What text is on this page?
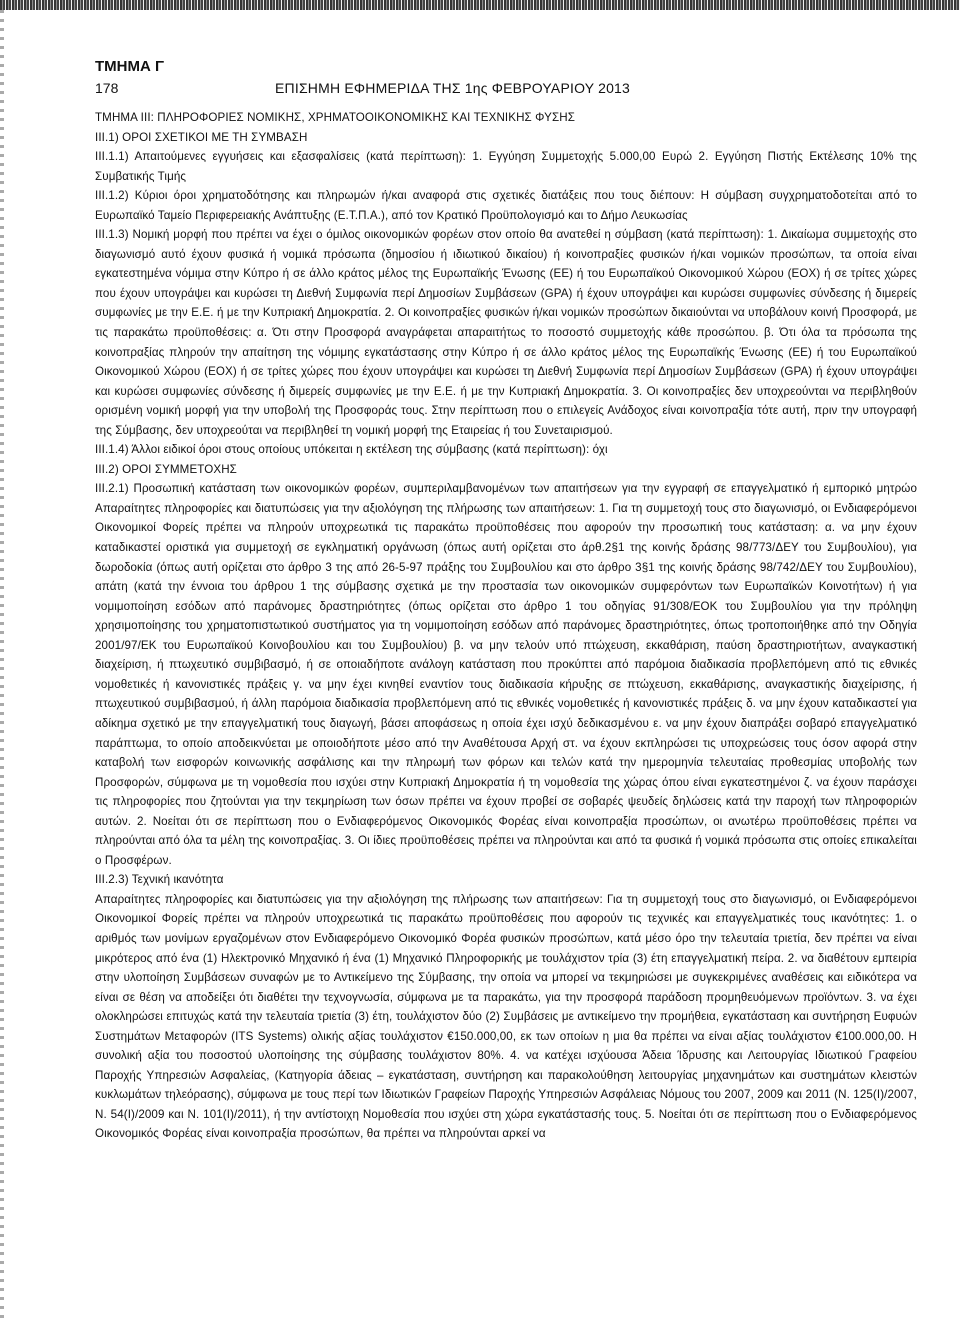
ΤΜΗΜΑ Γ
178	ΕΠΙΣΗΜΗ ΕΦΗΜΕΡΙΔΑ ΤΗΣ 1ης ΦΕΒΡΟΥΑΡΙΟΥ 2013

ΤΜΗΜΑ ΙΙΙ: ΠΛΗΡΟΦΟΡΙΕΣ ΝΟΜΙΚΗΣ, ΧΡΗΜΑΤΟΟΙΚΟΝΟΜΙΚΗΣ ΚΑΙ ΤΕΧΝΙΚΗΣ ΦΥΣΗΣ

ΙΙΙ.1) ΟΡΟΙ ΣΧΕΤΙΚΟΙ ΜΕ ΤΗ ΣΥΜΒΑΣΗ

ΙΙΙ.1.1) Απαιτούμενες εγγυήσεις και εξασφαλίσεις (κατά περίπτωση): 1. Εγγύηση Συμμετοχής 5.000,00 Ευρώ 2. Εγγύηση Πιστής Εκτέλεσης 10% της Συμβατικής Τιμής

ΙΙΙ.1.2) Κύριοι όροι χρηματοδότησης και πληρωμών ή/και αναφορά στις σχετικές διατάξεις που τους διέπουν: Η σύμβαση συγχρηματοδοτείται από το Ευρωπαϊκό Ταμείο Περιφερειακής Ανάπτυξης (Ε.Τ.Π.Α.), από τον Κρατικό Προϋπολογισμό και το Δήμο Λευκωσίας

ΙΙΙ.1.3) Νομική μορφή που πρέπει να έχει ο όμιλος οικονομικών φορέων στον οποίο θα ανατεθεί η σύμβαση (κατά περίπτωση): 1. Δικαίωμα συμμετοχής στο διαγωνισμό αυτό έχουν φυσικά ή νομικά πρόσωπα (δημοσίου ή ιδιωτικού δικαίου) ή κοινοπραξίες φυσικών ή/και νομικών προσώπων, τα οποία είναι εγκατεστημένα νόμιμα στην Κύπρο ή σε άλλο κράτος μέλος της Ευρωπαϊκής Ένωσης (ΕΕ) ή του Ευρωπαϊκού Οικονομικού Χώρου (ΕΟΧ) ή σε τρίτες χώρες που έχουν υπογράψει και κυρώσει τη Διεθνή Συμφωνία περί Δημοσίων Συμβάσεων (GPA) ή έχουν υπογράψει και κυρώσει συμφωνίες σύνδεσης ή διμερείς συμφωνίες με την Ε.Ε. ή με την Κυπριακή Δημοκρατία. 2. Οι κοινοπραξίες φυσικών ή/και νομικών προσώπων δικαιούνται να υποβάλουν κοινή Προσφορά, με τις παρακάτω προϋποθέσεις: α. Ότι στην Προσφορά αναγράφεται απαραιτήτως το ποσοστό συμμετοχής κάθε προσώπου. β. Ότι όλα τα πρόσωπα της κοινοπραξίας πληρούν την απαίτηση της νόμιμης εγκατάστασης στην Κύπρο ή σε άλλο κράτος μέλος της Ευρωπαϊκής Ένωσης (ΕΕ) ή του Ευρωπαϊκού Οικονομικού Χώρου (ΕΟΧ) ή σε τρίτες χώρες που έχουν υπογράψει και κυρώσει τη Διεθνή Συμφωνία περί Δημοσίων Συμβάσεων (GPA) ή έχουν υπογράψει και κυρώσει συμφωνίες σύνδεσης ή διμερείς συμφωνίες με την Ε.Ε. ή με την Κυπριακή Δημοκρατία. 3. Οι κοινοπραξίες δεν υποχρεούνται να περιβληθούν ορισμένη νομική μορφή για την υποβολή της Προσφοράς τους. Στην περίπτωση που ο επιλεγείς Ανάδοχος είναι κοινοπραξία τότε αυτή, πριν την υπογραφή της Σύμβασης, δεν υποχρεούται να περιβληθεί τη νομική μορφή της Εταιρείας ή του Συνεταιρισμού.

ΙΙΙ.1.4) Άλλοι ειδικοί όροι στους οποίους υπόκειται η εκτέλεση της σύμβασης (κατά περίπτωση): όχι

ΙΙΙ.2) ΟΡΟΙ ΣΥΜΜΕΤΟΧΗΣ

ΙΙΙ.2.1) Προσωπική κατάσταση των οικονομικών φορέων, συμπεριλαμβανομένων των απαιτήσεων για την εγγραφή σε επαγγελματικό ή εμπορικό μητρώο Απαραίτητες πληροφορίες και διατυπώσεις για την αξιολόγηση της πλήρωσης των απαιτήσεων: 1. Για τη συμμετοχή τους στο διαγωνισμό, οι Ενδιαφερόμενοι Οικονομικοί Φορείς πρέπει να πληρούν υποχρεωτικά τις παρακάτω προϋποθέσεις που αφορούν την προσωπική τους κατάσταση: α. να μην έχουν καταδικαστεί οριστικά για συμμετοχή σε εγκληματική οργάνωση (όπως αυτή ορίζεται στο άρθ.2§1 της κοινής δράσης 98/773/ΔΕΥ του Συμβουλίου), για δωροδοκία (όπως αυτή ορίζεται στο άρθρο 3 της από 26-5-97 πράξης του Συμβουλίου και στο άρθρο 3§1 της κοινής δράσης 98/742/ΔΕΥ του Συμβουλίου), απάτη (κατά την έννοια του άρθρου 1 της σύμβασης σχετικά με την προστασία των οικονομικών συμφερόντων των Ευρωπαϊκών Κοινοτήτων) ή για νομιμοποίηση εσόδων από παράνομες δραστηριότητες (όπως ορίζεται στο άρθρο 1 του οδηγίας 91/308/ΕΟΚ του Συμβουλίου για την πρόληψη χρησιμοποίησης του χρηματοπιστωτικού συστήματος για τη νομιμοποίηση εσόδων από παράνομες δραστηριότητες, όπως τροποποιήθηκε από την Οδηγία 2001/97/ΕΚ του Ευρωπαϊκού Κοινοβουλίου και του Συμβουλίου) β. να μην τελούν υπό πτώχευση, εκκαθάριση, παύση δραστηριοτήτων, αναγκαστική διαχείριση, ή πτωχευτικό συμβιβασμό, ή σε οποιαδήποτε ανάλογη κατάσταση που προκύπτει από παρόμοια διαδικασία προβλεπόμενη από τις εθνικές νομοθετικές ή κανονιστικές πράξεις γ. να μην έχει κινηθεί εναντίον τους διαδικασία κήρυξης σε πτώχευση, εκκαθάρισης, αναγκαστικής διαχείρισης, ή πτωχευτικού συμβιβασμού, ή άλλη παρόμοια διαδικασία προβλεπόμενη από τις εθνικές νομοθετικές ή κανονιστικές πράξεις δ. να μην έχουν καταδικαστεί για αδίκημα σχετικό με την επαγγελματική τους διαγωγή, βάσει αποφάσεως η οποία έχει ισχύ δεδικασμένου ε. να μην έχουν διαπράξει σοβαρό επαγγελματικό παράπτωμα, το οποίο αποδεικνύεται με οποιοδήποτε μέσο από την Αναθέτουσα Αρχή στ. να έχουν εκπληρώσει τις υποχρεώσεις τους όσον αφορά στην καταβολή των εισφορών κοινωνικής ασφάλισης και την πληρωμή των φόρων και τελών κατά την ημερομηνία τελευταίας προθεσμίας υποβολής των Προσφορών, σύμφωνα με τη νομοθεσία που ισχύει στην Κυπριακή Δημοκρατία ή τη νομοθεσία της χώρας όπου είναι εγκατεστημένοι ζ. να έχουν παράσχει τις πληροφορίες που ζητούνται για την τεκμηρίωση των όσων πρέπει να έχουν προβεί σε σοβαρές ψευδείς δηλώσεις κατά την παροχή των πληροφοριών αυτών. 2. Νοείται ότι σε περίπτωση που ο Ενδιαφερόμενος Οικονομικός Φορέας είναι κοινοπραξία προσώπων, οι ανωτέρω προϋποθέσεις πρέπει να πληρούνται από όλα τα μέλη της κοινοπραξίας. 3. Οι ίδιες προϋποθέσεις πρέπει να πληρούνται και από τα φυσικά ή νομικά πρόσωπα στις οποίες επικαλείται ο Προσφέρων.

ΙΙΙ.2.3) Τεχνική ικανότητα

Απαραίτητες πληροφορίες και διατυπώσεις για την αξιολόγηση της πλήρωσης των απαιτήσεων: Για τη συμμετοχή τους στο διαγωνισμό, οι Ενδιαφερόμενοι Οικονομικοί Φορείς πρέπει να πληρούν υποχρεωτικά τις παρακάτω προϋποθέσεις που αφορούν τις τεχνικές και επαγγελματικές τους ικανότητες: 1. ο αριθμός των μονίμων εργαζομένων στον Ενδιαφερόμενο Οικονομικό Φορέα φυσικών προσώπων, κατά μέσο όρο την τελευταία τριετία, δεν πρέπει να είναι μικρότερος από ένα (1) Ηλεκτρονικό Μηχανικό ή ένα (1) Μηχανικό Πληροφορικής με τουλάχιστον τρία (3) έτη επαγγελματική πείρα. 2. να διαθέτουν εμπειρία στην υλοποίηση Συμβάσεων συναφών με το Αντικείμενο της Σύμβασης, την οποία να μπορεί να τεκμηριώσει με συγκεκριμένες αναθέσεις και ειδικότερα να είναι σε θέση να αποδείξει ότι διαθέτει την τεχνογνωσία, σύμφωνα με τα παρακάτω, για την προσφορά παράδοση προμηθευόμενων προϊόντων. 3. να έχει ολοκληρώσει επιτυχώς κατά την τελευταία τριετία (3) έτη, τουλάχιστον δύο (2) Συμβάσεις με αντικείμενο την προμήθεια, εγκατάσταση και συντήρηση Ευφυών Συστημάτων Μεταφορών (ITS Systems) ολικής αξίας τουλάχιστον €150.000,00, εκ των οποίων η μια θα πρέπει να είναι αξίας τουλάχιστον €100.000,00. Η συνολική αξία του ποσοστού υλοποίησης της σύμβασης τουλάχιστον 80%. 4. να κατέχει ισχύουσα Άδεια Ίδρυσης και Λειτουργίας Ιδιωτικού Γραφείου Παροχής Υπηρεσιών Ασφαλείας, (Κατηγορία άδειας – εγκατάσταση, συντήρηση και παρακολούθηση λειτουργίας μηχανημάτων και συστημάτων κλειστών κυκλωμάτων τηλεόρασης), σύμφωνα με τους περί των Ιδιωτικών Γραφείων Παροχής Υπηρεσιών Ασφάλειας Νόμους του 2007, 2009 και 2011 (Ν. 125(Ι)/2007, Ν. 54(Ι)/2009 και Ν. 101(Ι)/2011), ή την αντίστοιχη Νομοθεσία που ισχύει στη χώρα εγκατάστασής τους. 5. Νοείται ότι σε περίπτωση που ο Ενδιαφερόμενος Οικονομικός Φορέας είναι κοινοπραξία προσώπων, θα πρέπει να πληρούνται αρκεί να
